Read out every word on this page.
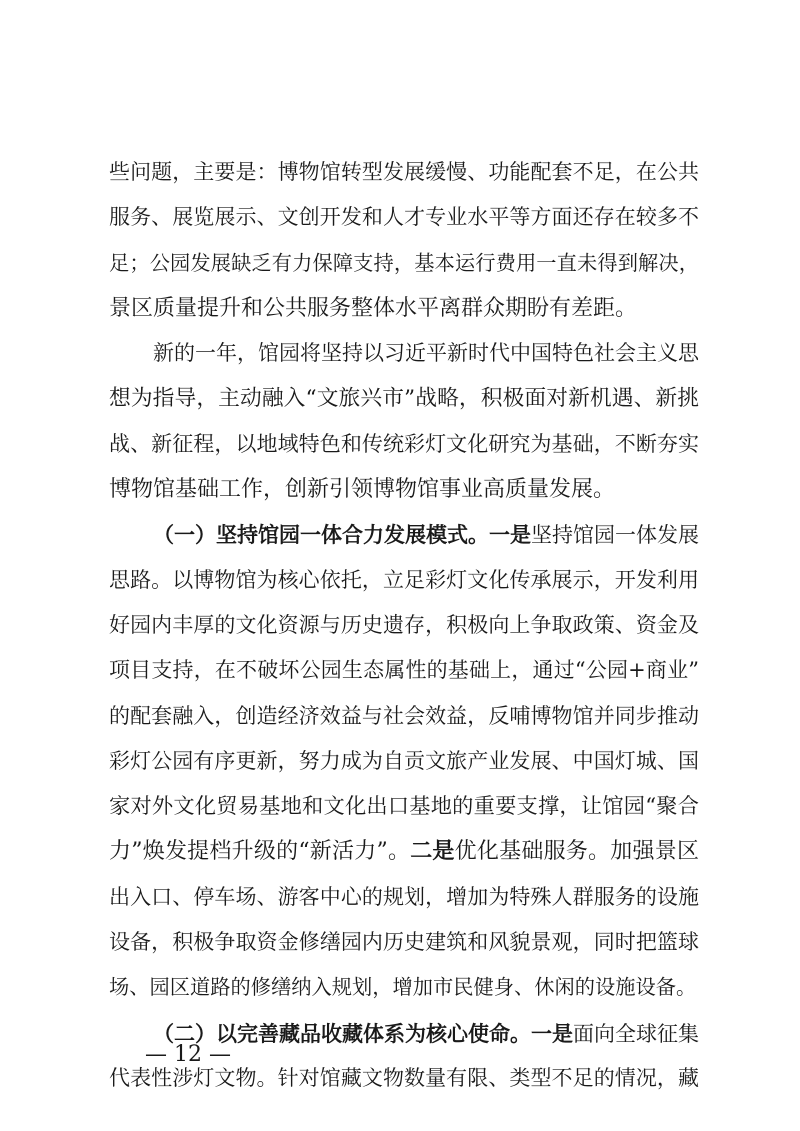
些问题，主要是：博物馆转型发展缓慢、功能配套不足，在公共
服务、展览展示、文创开发和人才专业水平等方面还存在较多不
足；公园发展缺乏有力保障支持，基本运行费用一直未得到解决，
景区质量提升和公共服务整体水平离群众期盼有差距。
新的一年，馆园将坚持以习近平新时代中国特色社会主义思
想为指导，主动融入“文旅兴市”战略，积极面对新机遇、新挑
战、新征程，以地域特色和传统彩灯文化研究为基础，不断夯实
博物馆基础工作，创新引领博物馆事业高质量发展。
（一）坚持馆园一体合力发展模式。一是坚持馆园一体发展
思路。以博物馆为核心依托，立足彩灯文化传承展示，开发利用
好园内丰厚的文化资源与历史遗存，积极向上争取政策、资金及
项目支持，在不破坏公园生态属性的基础上，通过“公园+商业”
的配套融入，创造经济效益与社会效益，反哺博物馆并同步推动
彩灯公园有序更新，努力成为自贡文旅产业发展、中国灯城、国
家对外文化贸易基地和文化出口基地的重要支撑，让馆园“聚合
力”焕发提档升级的“新活力”。二是优化基础服务。加强景区
出入口、停车场、游客中心的规划，增加为特殊人群服务的设施
设备，积极争取资金修缮园内历史建筑和风貌景观，同时把篮球
场、园区道路的修缮纳入规划，增加市民健身、休闲的设施设备。
（二）以完善藏品收藏体系为核心使命。一是面向全球征集
代表性涉灯文物。针对馆藏文物数量有限、类型不足的情况，藏
— 12 —
